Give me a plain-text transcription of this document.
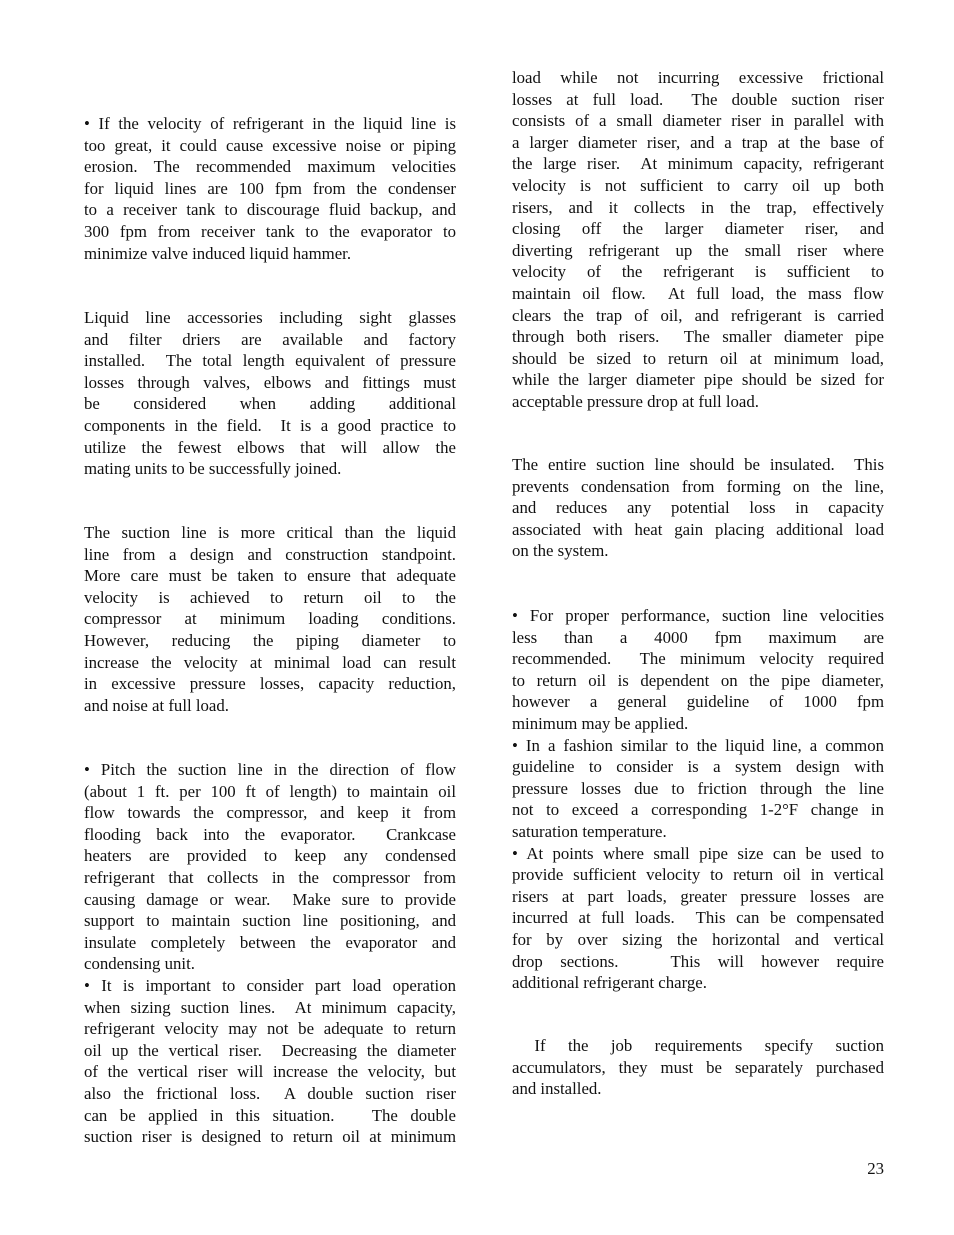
• If the velocity of refrigerant in the liquid line is
too great, it could cause excessive noise or piping
erosion. The recommended maximum velocities
for liquid lines are 100 fpm from the condenser
to a receiver tank to discourage fluid backup, and
300 fpm from receiver tank to the evaporator to
minimize valve induced liquid hammer.
Liquid line accessories including sight glasses
and filter driers are available and factory
installed.  The total length equivalent of pressure
losses through valves, elbows and fittings must
be considered when adding additional
components in the field.  It is a good practice to
utilize the fewest elbows that will allow the
mating units to be successfully joined.
The suction line is more critical than the liquid
line from a design and construction standpoint.
More care must be taken to ensure that adequate
velocity is achieved to return oil to the
compressor at minimum loading conditions.
However, reducing the piping diameter to
increase the velocity at minimal load can result
in excessive pressure losses, capacity reduction,
and noise at full load.
• Pitch the suction line in the direction of flow
(about 1 ft. per 100 ft of length) to maintain oil
flow towards the compressor, and keep it from
flooding back into the evaporator.  Crankcase
heaters are provided to keep any condensed
refrigerant that collects in the compressor from
causing damage or wear.  Make sure to provide
support to maintain suction line positioning, and
insulate completely between the evaporator and
condensing unit.
• It is important to consider part load operation
when sizing suction lines.  At minimum capacity,
refrigerant velocity may not be adequate to return
oil up the vertical riser.  Decreasing the diameter
of the vertical riser will increase the velocity, but
also the frictional loss.  A double suction riser
can be applied in this situation.   The double
suction riser is designed to return oil at minimum
load while not incurring excessive frictional
losses at full load.  The double suction riser
consists of a small diameter riser in parallel with
a larger diameter riser, and a trap at the base of
the large riser.  At minimum capacity, refrigerant
velocity is not sufficient to carry oil up both
risers, and it collects in the trap, effectively
closing off the larger diameter riser, and
diverting refrigerant up the small riser where
velocity of the refrigerant is sufficient to
maintain oil flow.  At full load, the mass flow
clears the trap of oil, and refrigerant is carried
through both risers.  The smaller diameter pipe
should be sized to return oil at minimum load,
while the larger diameter pipe should be sized for
acceptable pressure drop at full load.
The entire suction line should be insulated.  This
prevents condensation from forming on the line,
and reduces any potential loss in capacity
associated with heat gain placing additional load
on the system.
• For proper performance, suction line velocities
less than a 4000 fpm maximum are
recommended.  The minimum velocity required
to return oil is dependent on the pipe diameter,
however a general guideline of 1000 fpm
minimum may be applied.
• In a fashion similar to the liquid line, a common
guideline to consider is a system design with
pressure losses due to friction through the line
not to exceed a corresponding 1-2°F change in
saturation temperature.
• At points where small pipe size can be used to
provide sufficient velocity to return oil in vertical
risers at part loads, greater pressure losses are
incurred at full loads.  This can be compensated
for by over sizing the horizontal and vertical
drop sections.   This will however require
additional refrigerant charge.
If the job requirements specify suction
accumulators, they must be separately purchased
and installed.
23
